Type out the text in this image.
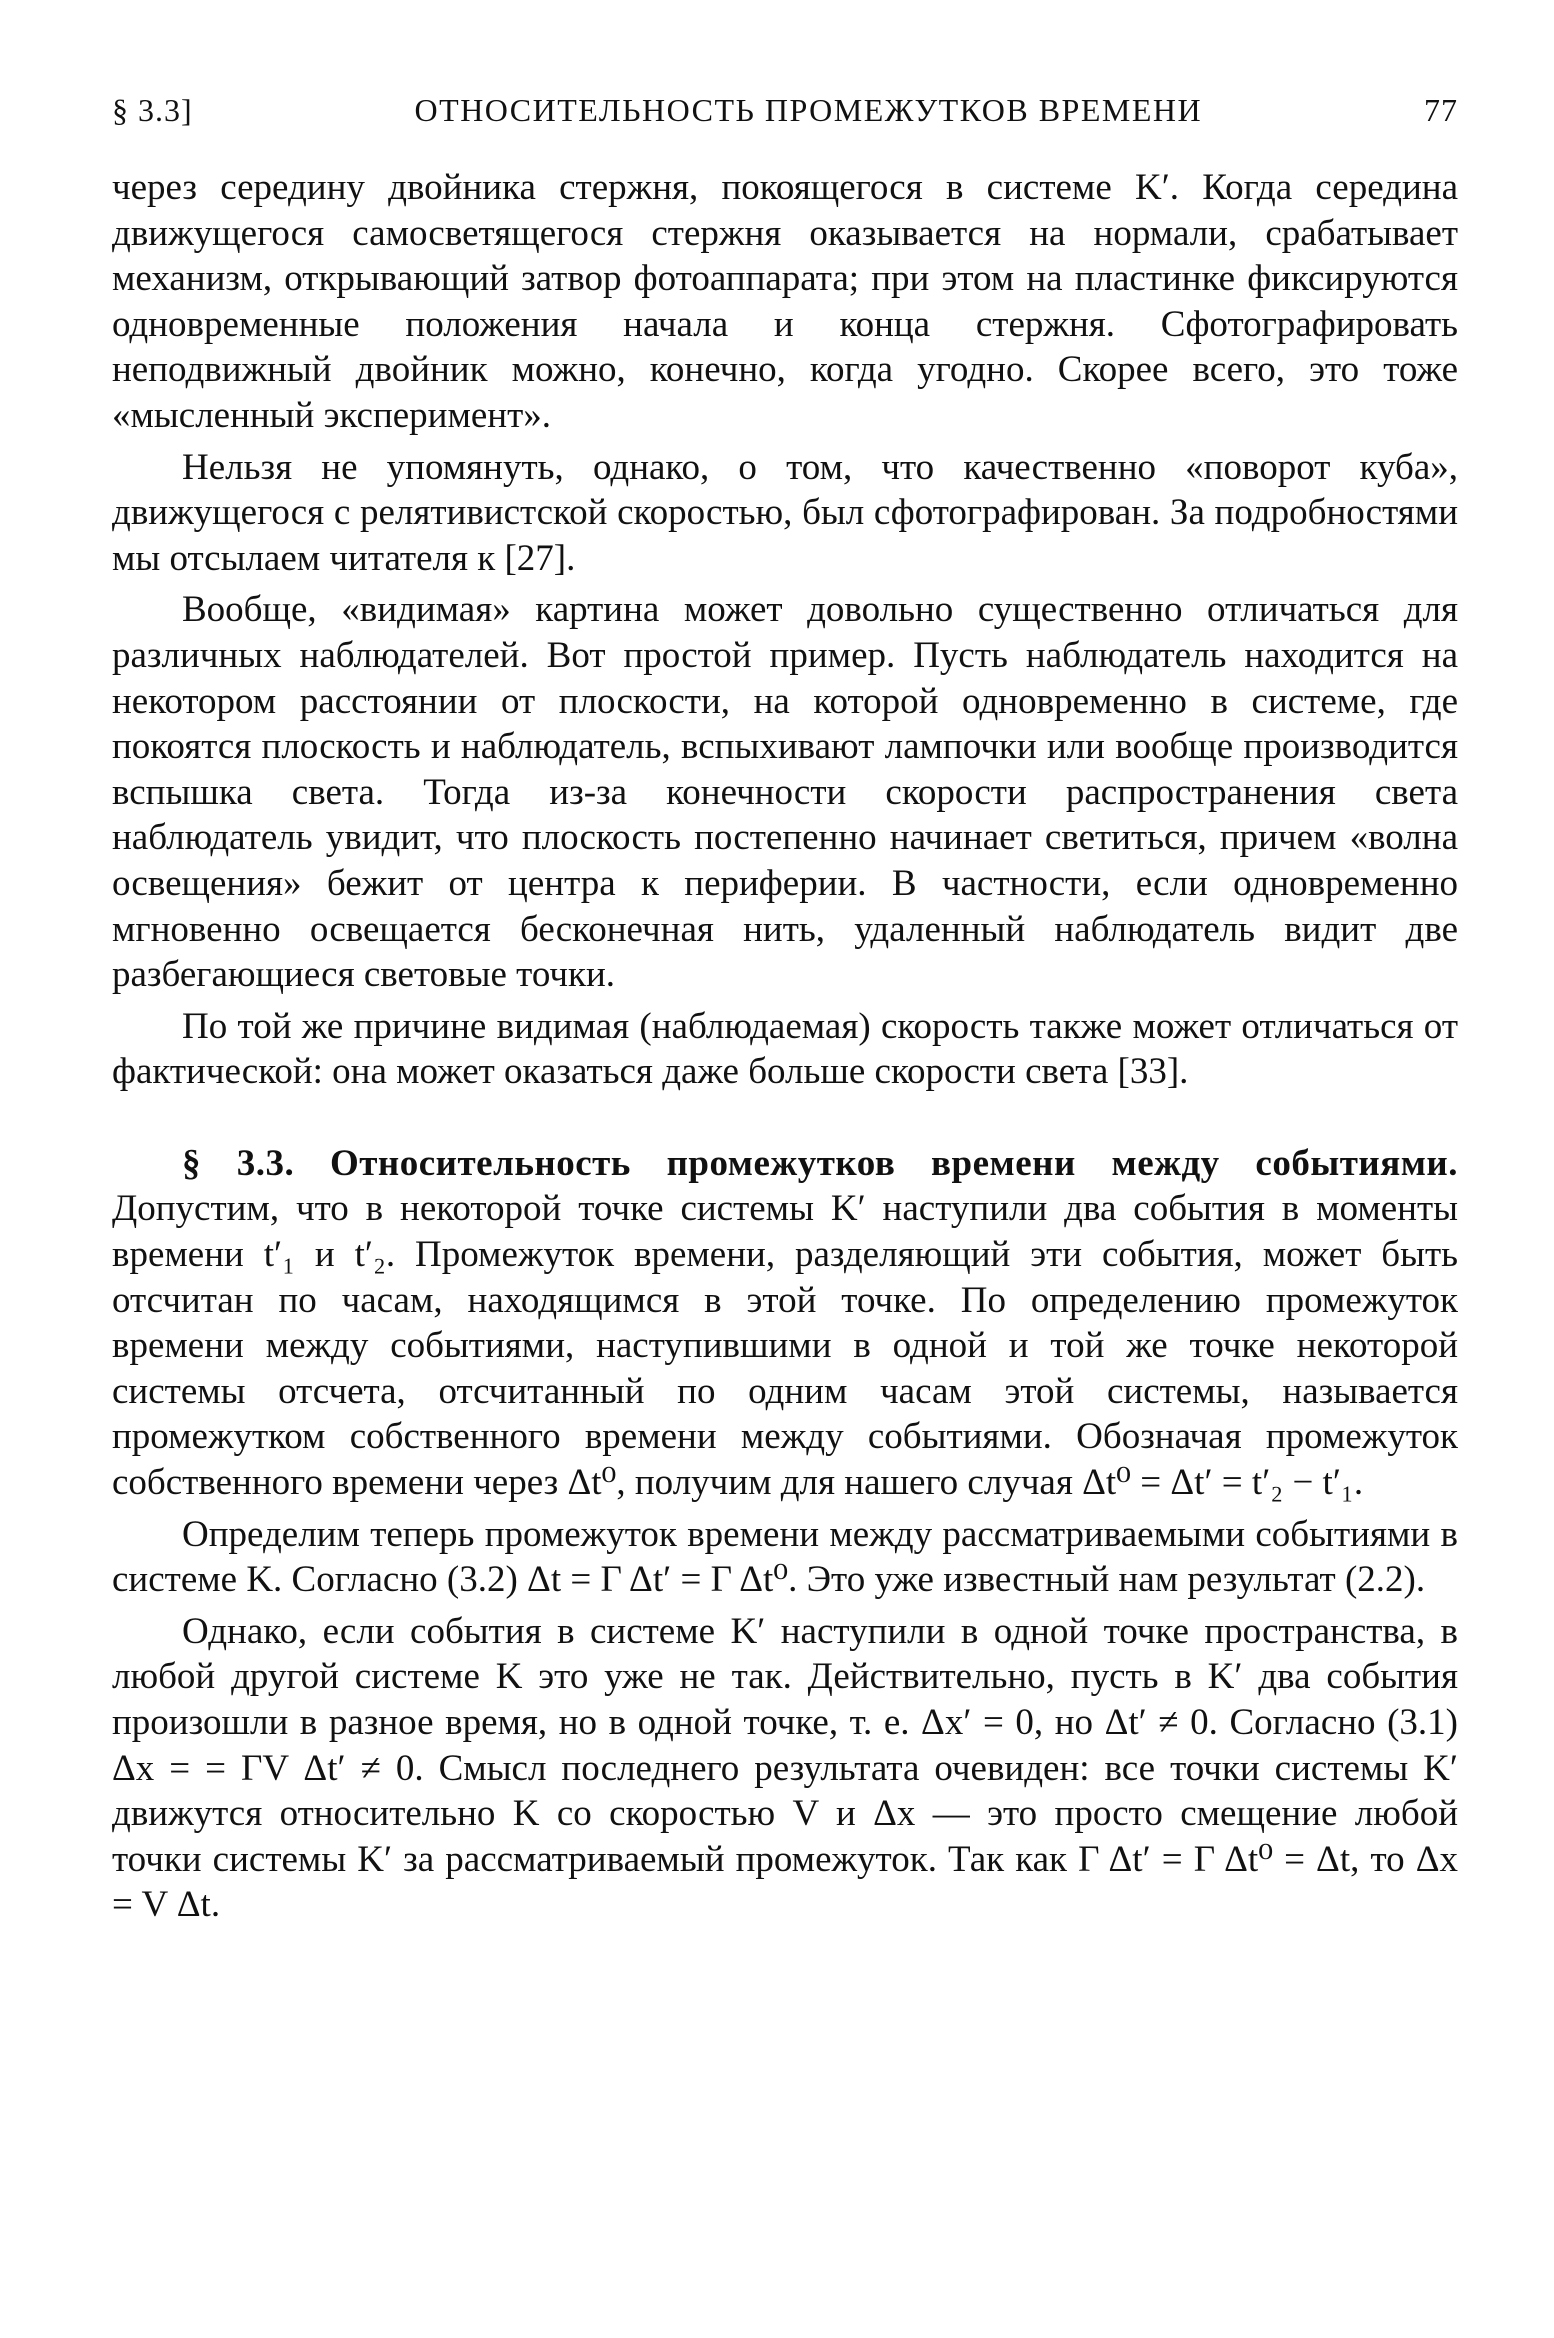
§ 3.3]	ОТНОСИТЕЛЬНОСТЬ ПРОМЕЖУТКОВ ВРЕМЕНИ	77

через середину двойника стержня, покоящегося в системе K′. Когда середина движущегося самосветящегося стержня оказывается на нормали, срабатывает механизм, открывающий затвор фотоаппарата; при этом на пластинке фиксируются одновременные положения начала и конца стержня. Сфотографировать неподвижный двойник можно, конечно, когда угодно. Скорее всего, это тоже «мысленный эксперимент».

Нельзя не упомянуть, однако, о том, что качественно «поворот куба», движущегося с релятивистской скоростью, был сфотографирован. За подробностями мы отсылаем читателя к [27].

Вообще, «видимая» картина может довольно существенно отличаться для различных наблюдателей. Вот простой пример. Пусть наблюдатель находится на некотором расстоянии от плоскости, на которой одновременно в системе, где покоятся плоскость и наблюдатель, вспыхивают лампочки или вообще производится вспышка света. Тогда из-за конечности скорости распространения света наблюдатель увидит, что плоскость постепенно начинает светиться, причем «волна освещения» бежит от центра к периферии. В частности, если одновременно мгновенно освещается бесконечная нить, удаленный наблюдатель видит две разбегающиеся световые точки.

По той же причине видимая (наблюдаемая) скорость также может отличаться от фактической: она может оказаться даже больше скорости света [33].

§ 3.3. Относительность промежутков времени между событиями. Допустим, что в некоторой точке системы K′ наступили два события в моменты времени t′₁ и t′₂. Промежуток времени, разделяющий эти события, может быть отсчитан по часам, находящимся в этой точке. По определению промежуток времени между событиями, наступившими в одной и той же точке некоторой системы отсчета, отсчитанный по одним часам этой системы, называется промежутком собственного времени между событиями. Обозначая промежуток собственного времени через Δt⁰, получим для нашего случая Δt⁰ = Δt′ = t′₂ − t′₁.

Определим теперь промежуток времени между рассматриваемыми событиями в системе K. Согласно (3.2) Δt = Γ Δt′ = Γ Δt⁰. Это уже известный нам результат (2.2).

Однако, если события в системе K′ наступили в одной точке пространства, в любой другой системе K это уже не так. Действительно, пусть в K′ два события произошли в разное время, но в одной точке, т. е. Δx′ = 0, но Δt′ ≠ 0. Согласно (3.1) Δx = = ΓV Δt′ ≠ 0. Смысл последнего результата очевиден: все точки системы K′ движутся относительно K со скоростью V и Δx — это просто смещение любой точки системы K′ за рассматриваемый промежуток. Так как Γ Δt′ = Γ Δt⁰ = Δt, то Δx = V Δt.
